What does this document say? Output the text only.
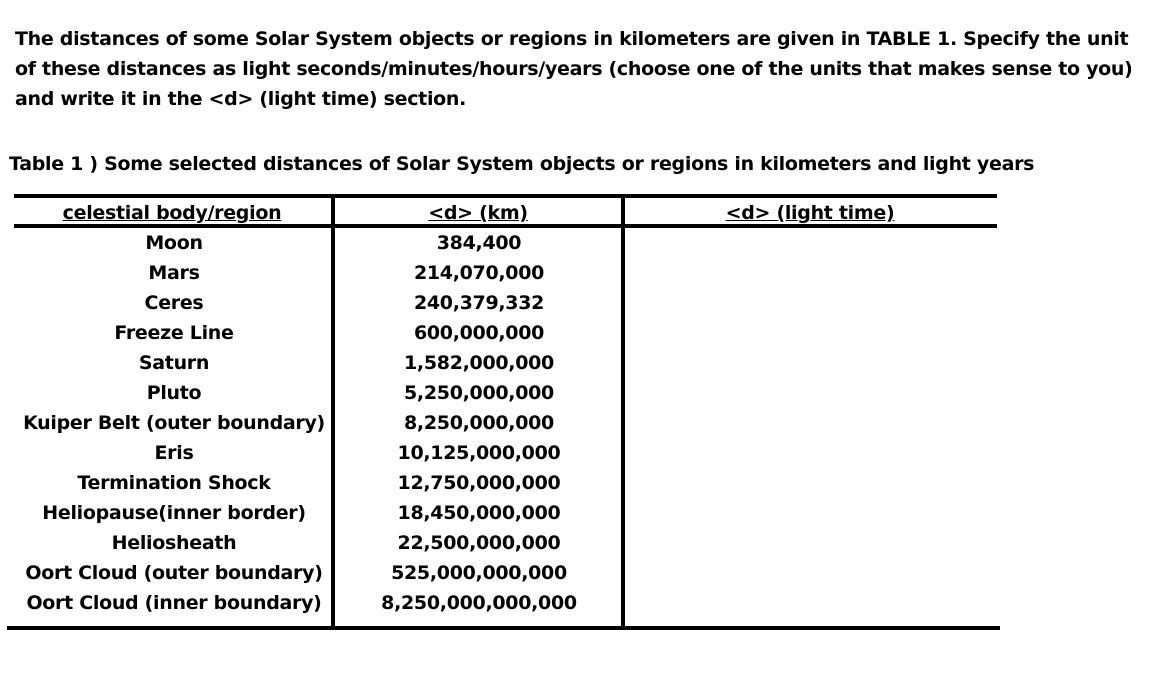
The distances of some Solar System objects or regions in kilometers are given in TABLE 1. Specify the unit of these distances as light seconds/minutes/hours/years (choose one of the units that makes sense to you) and write it in the <d> (light time) section.
Table 1 ) Some selected distances of Solar System objects or regions in kilometers and light years
celestial body/region	<d> (km)	<d> (light time)
Moon	384,400
Mars	214,070,000
Ceres	240,379,332
Freeze Line	600,000,000
Saturn	1,582,000,000
Pluto	5,250,000,000
Kuiper Belt (outer boundary)	8,250,000,000
Eris	10,125,000,000
Termination Shock	12,750,000,000
Heliopause(inner border)	18,450,000,000
Heliosheath	22,500,000,000
Oort Cloud (outer boundary)	525,000,000,000
Oort Cloud (inner boundary)	8,250,000,000,000
